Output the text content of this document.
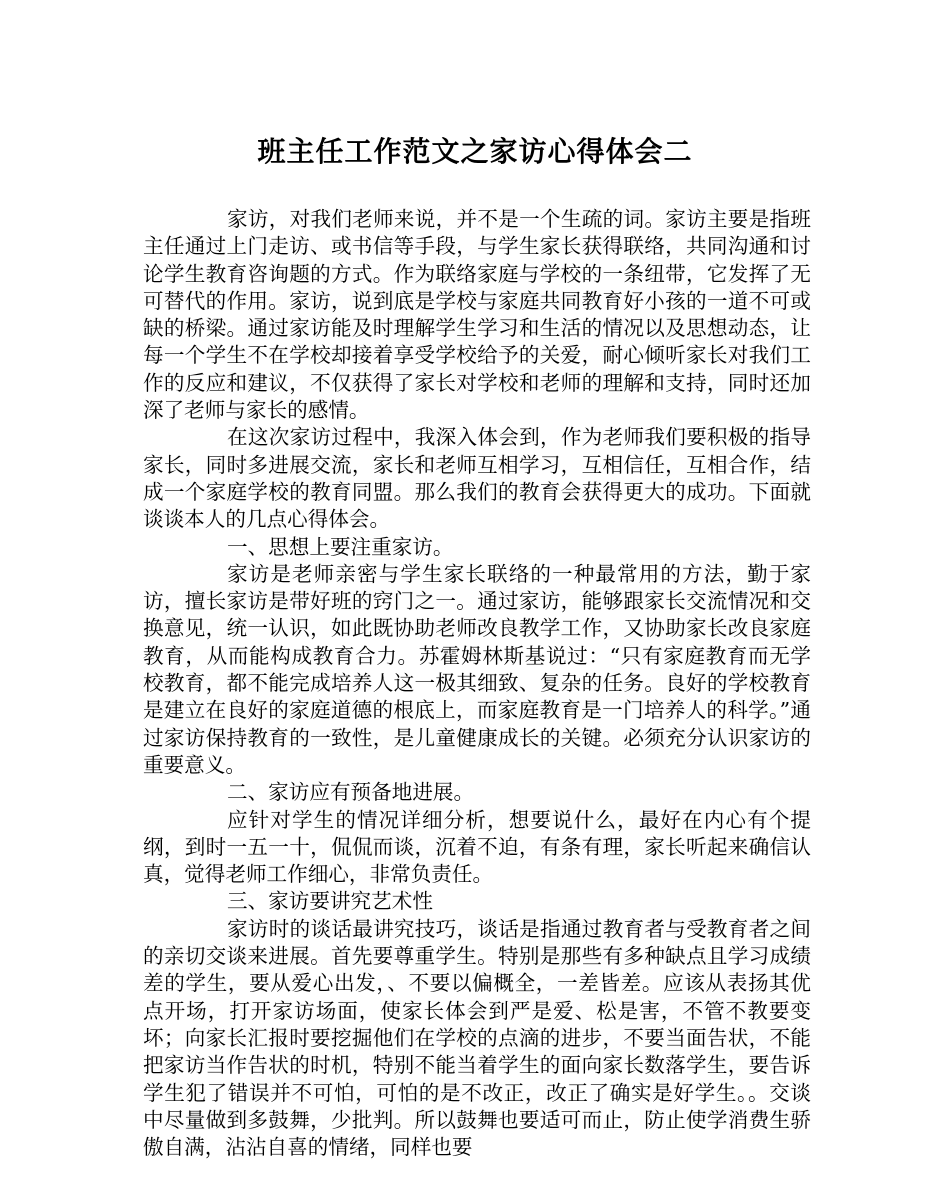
班主任工作范文之家访心得体会二

家访，对我们老师来说，并不是一个生疏的词。家访主要是指班主任通过上门走访、或书信等手段，与学生家长获得联络，共同沟通和讨论学生教育咨询题的方式。作为联络家庭与学校的一条纽带，它发挥了无可替代的作用。家访，说到底是学校与家庭共同教育好小孩的一道不可或缺的桥梁。通过家访能及时理解学生学习和生活的情况以及思想动态，让每一个学生不在学校却接着享受学校给予的关爱，耐心倾听家长对我们工作的反应和建议，不仅获得了家长对学校和老师的理解和支持，同时还加深了老师与家长的感情。

在这次家访过程中，我深入体会到，作为老师我们要积极的指导家长，同时多进展交流，家长和老师互相学习，互相信任，互相合作，结成一个家庭学校的教育同盟。那么我们的教育会获得更大的成功。下面就谈谈本人的几点心得体会。

一、思想上要注重家访。

家访是老师亲密与学生家长联络的一种最常用的方法，勤于家访，擅长家访是带好班的窍门之一。通过家访，能够跟家长交流情况和交换意见，统一认识，如此既协助老师改良教学工作，又协助家长改良家庭教育，从而能构成教育合力。苏霍姆林斯基说过：“只有家庭教育而无学校教育，都不能完成培养人这一极其细致、复杂的任务。良好的学校教育是建立在良好的家庭道德的根底上，而家庭教育是一门培养人的科学。”通过家访保持教育的一致性，是儿童健康成长的关键。必须充分认识家访的重要意义。

二、家访应有预备地进展。

应针对学生的情况详细分析，想要说什么，最好在内心有个提纲，到时一五一十，侃侃而谈，沉着不迫，有条有理，家长听起来确信认真，觉得老师工作细心，非常负责任。

三、家访要讲究艺术性

家访时的谈话最讲究技巧，谈话是指通过教育者与受教育者之间的亲切交谈来进展。首先要尊重学生。特别是那些有多种缺点且学习成绩差的学生，要从爱心出发，、不要以偏概全，一差皆差。应该从表扬其优点开场，打开家访场面，使家长体会到严是爱、松是害，不管不教要变坏；向家长汇报时要挖掘他们在学校的点滴的进步，不要当面告状，不能把家访当作告状的时机，特别不能当着学生的面向家长数落学生，要告诉学生犯了错误并不可怕，可怕的是不改正，改正了确实是好学生。。交谈中尽量做到多鼓舞，少批判。所以鼓舞也要适可而止，防止使学消费生骄傲自满，沾沾自喜的情绪，同样也要
